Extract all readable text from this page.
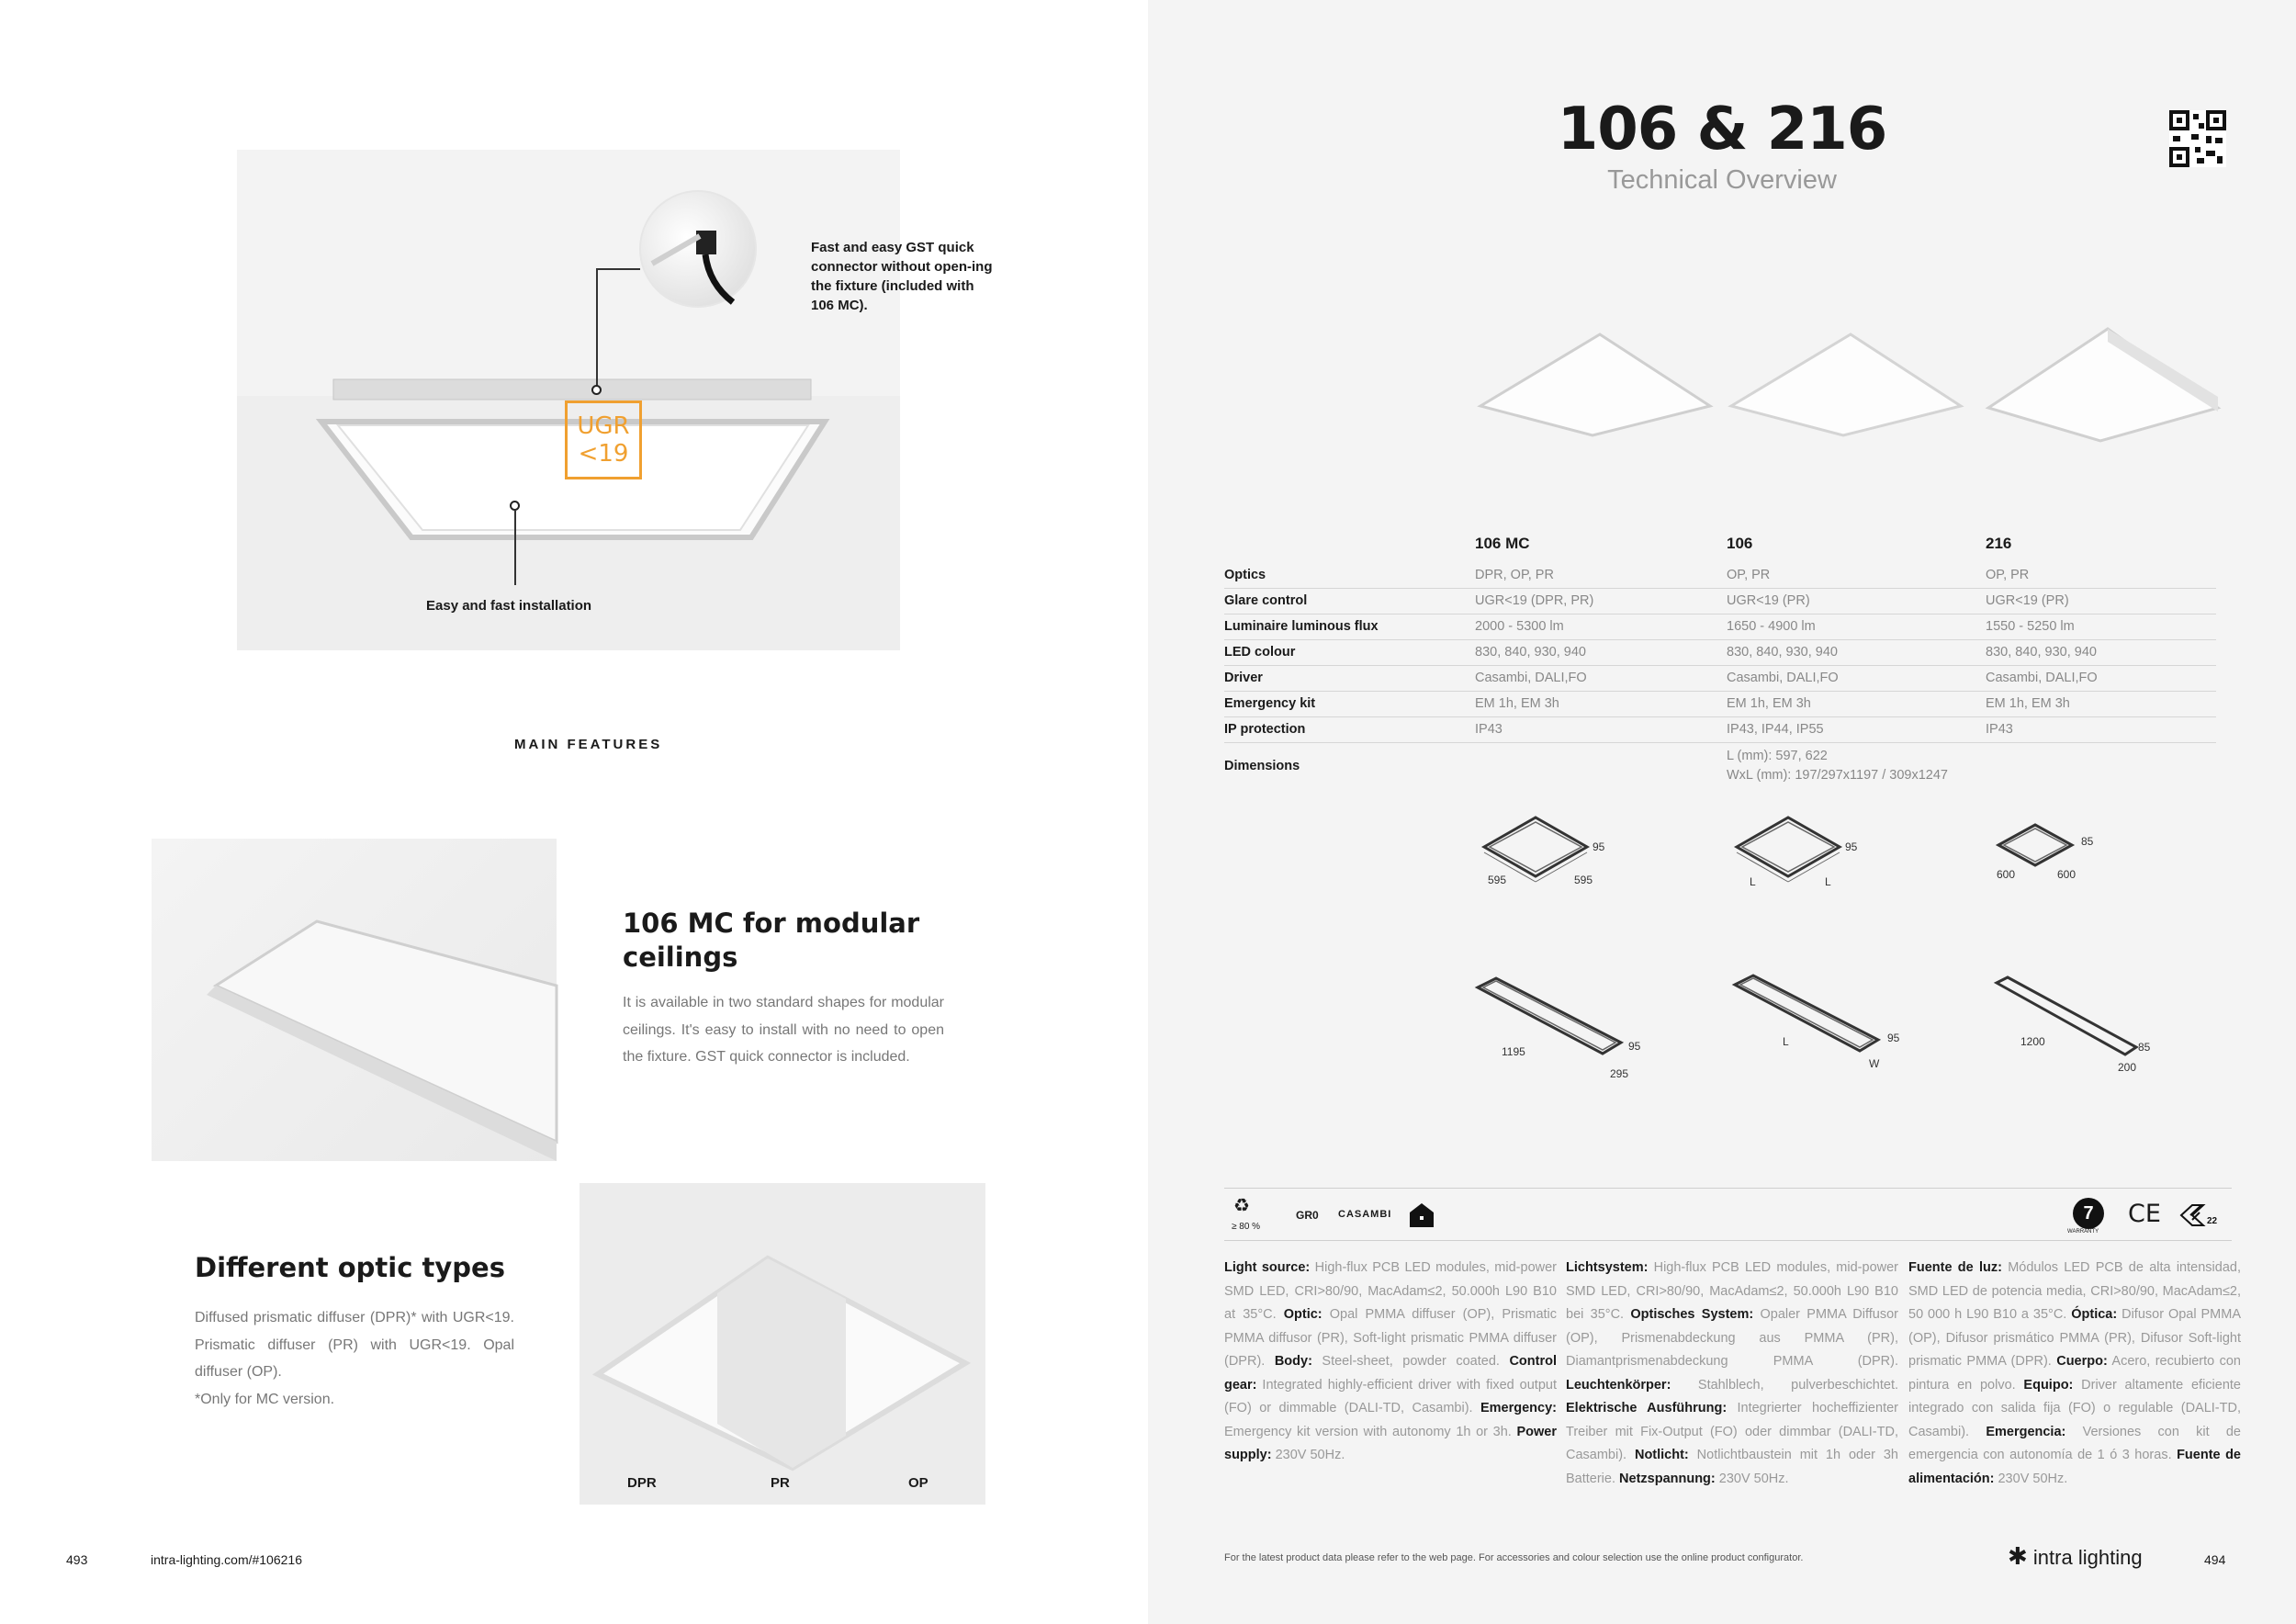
Fast and easy GST quick connector without open-ing the fixture (included with 106 MC).
Easy and fast installation
UGR
<19
MAIN FEATURES
106 MC for modular ceilings
It is available in two standard shapes for modular ceilings. It's easy to install with no need to open the fixture. GST quick connector is included.
Different optic types
Diffused prismatic diffuser (DPR)* with UGR<19. Prismatic diffuser (PR) with UGR<19. Opal diffuser (OP).
*Only for MC version.
DPR	PR	OP
493	intra-lighting.com/#106216
106 & 216
Technical Overview
	106 MC	106	216
Optics	DPR, OP, PR	OP, PR	OP, PR
Glare control	UGR<19 (DPR, PR)	UGR<19 (PR)	UGR<19 (PR)
Luminaire luminous flux	2000 - 5300 lm	1650 - 4900 lm	1550 - 5250 lm
LED colour	830, 840, 930, 940	830, 840, 930, 940	830, 840, 930, 940
Driver	Casambi, DALI,FO	Casambi, DALI,FO	Casambi, DALI,FO
Emergency kit	EM 1h, EM 3h	EM 1h, EM 3h	EM 1h, EM 3h
IP protection	IP43	IP43, IP44, IP55	IP43
Dimensions		L (mm): 597, 622
WxL (mm): 197/297x1197 / 309x1247	
595	595
95
L	L
95
600	600
85
1195
295
95	L
W
95	1200
200
85
♻
≥ 80 %
GR0 CASAMBI	7
WARRANTY
CE	22
Light source: High-flux PCB LED modules, mid-power SMD LED, CRI>80/90, MacAdam≤2, 50.000h L90 B10 at 35°C. Optic: Opal PMMA diffuser (OP), Prismatic PMMA diffusor (PR), Soft-light prismatic PMMA diffuser (DPR). Body: Steel-sheet, powder coated. Control gear: Integrated highly-efficient driver with fixed output (FO) or dimmable (DALI-TD, Casambi). Emergency: Emergency kit version with autonomy 1h or 3h. Power supply: 230V 50Hz.
Lichtsystem: High-flux PCB LED modules, mid-power SMD LED, CRI>80/90, MacAdam≤2, 50.000h L90 B10 bei 35°C. Optisches System: Opaler PMMA Diffusor (OP), Prismenabdeckung aus PMMA (PR), Diamantprismenabdeckung PMMA (DPR). Leuchtenkörper: Stahlblech, pulverbeschichtet. Elektrische Ausführung: Integrierter hocheffizienter Treiber mit Fix-Output (FO) oder dimmbar (DALI-TD, Casambi). Notlicht: Notlichtbaustein mit 1h oder 3h Batterie. Netzspannung: 230V 50Hz.
Fuente de luz: Módulos LED PCB de alta intensidad, SMD LED de potencia media, CRI>80/90, MacAdam≤2, 50 000 h L90 B10 a 35°C. Óptica: Difusor Opal PMMA (OP), Difusor prismático PMMA (PR), Difusor Soft-light prismatic PMMA (DPR). Cuerpo: Acero, recubierto con pintura en polvo. Equipo: Driver altamente eficiente integrado con salida fija (FO) o regulable (DALI-TD, Casambi). Emergencia: Versiones con kit de emergencia con autonomía de 1 ó 3 horas. Fuente de alimentación: 230V 50Hz.
For the latest product data please refer to the web page. For accessories and colour selection use the online product configurator.	✱ intra lighting	494
